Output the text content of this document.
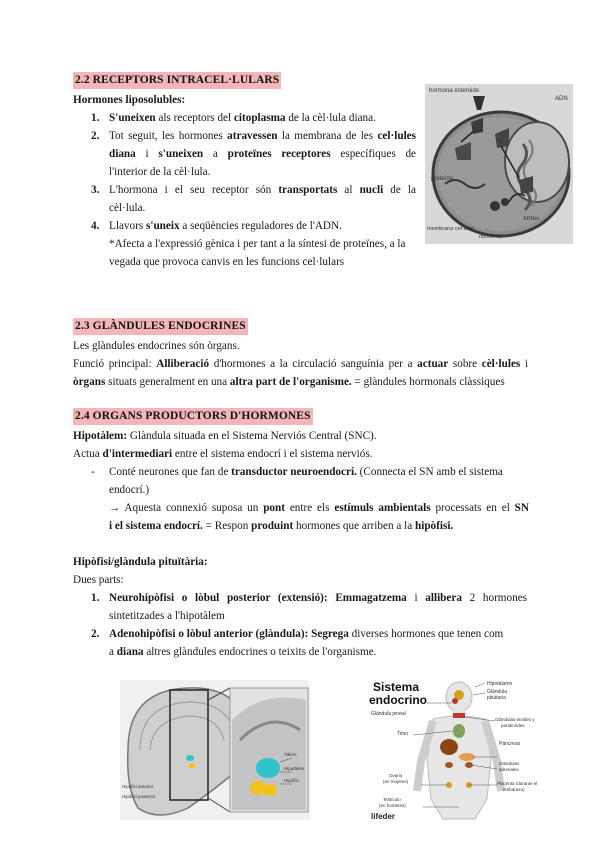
2.2 RECEPTORS INTRACEL·LULARS
Hormones liposolubles:
1. S'uneixen als receptors del citoplasma de la cèl·lula diana.
2. Tot seguit, les hormones atravessen la membrana de les cel·lules
diana i s'uneixen a proteïnes receptores específiques de
l'interior de la cèl·lula.
3. L'hormona i el seu receptor són transportats al nucli de la
cèl·lula.
4. Llavors s'uneix a seqüències reguladores de l'ADN.
*Afecta a l'expressió gènica i per tant a la síntesi de proteïnes, a la
vegada que provoca canvis en les funcions cel·lulars
hormona esteroide
ADN
proteïna
membrana cel·lular
ribosoma
ARNm
2.3 GLÀNDULES ENDOCRINES
Les glàndules endocrines són òrgans.
Funció principal: Alliberació d'hormones a la circulació sanguínia per a actuar sobre cèl·lules i
òrgans situats generalment en una altra part de l'organisme. = glàndules hormonals clàssiques
2.4 ORGANS PRODUCTORS D'HORMONES
Hipotàlem: Glàndula situada en el Sistema Nerviós Central (SNC).
Actua d'intermediari entre el sistema endocrí i el sistema nerviós.
- Conté neurones que fan de transductor neuroendocrí. (Connecta el SN amb el sistema
endocrí.)
→ Aquesta connexió suposa un pont entre els estímuls ambientals processats en el SN
i el sistema endocrí. = Respon produint hormones que arriben a la hipòfisi.
Hipòfisi/glàndula pituïtària:
Dues parts:
1. Neurohipòfisi o lòbul posterior (extensió): Emmagatzema i allibera 2 hormones
sintetitzades a l'hipotàlem
2. Adenohipòfisi o lòbul anterior (glàndula): Segrega diverses hormones que tenen com
a diana altres glàndules endocrines o teixits de l'organisme.
Tàlem
Hipotàlem
Hipòfisi
Hipòfisi anterior
Hipòfisi posterior
Sistema
endocrino
Hipotálamo
Glándula
pituitaria
Glándula pineal
Glándulas tiroides y
paratiroides
Timo
Páncreas
Glándulas
adrenales
Ovario
(en mujeres)	Placenta (durante el
embarazo)
Testículo
(en hombres)
lifeder
